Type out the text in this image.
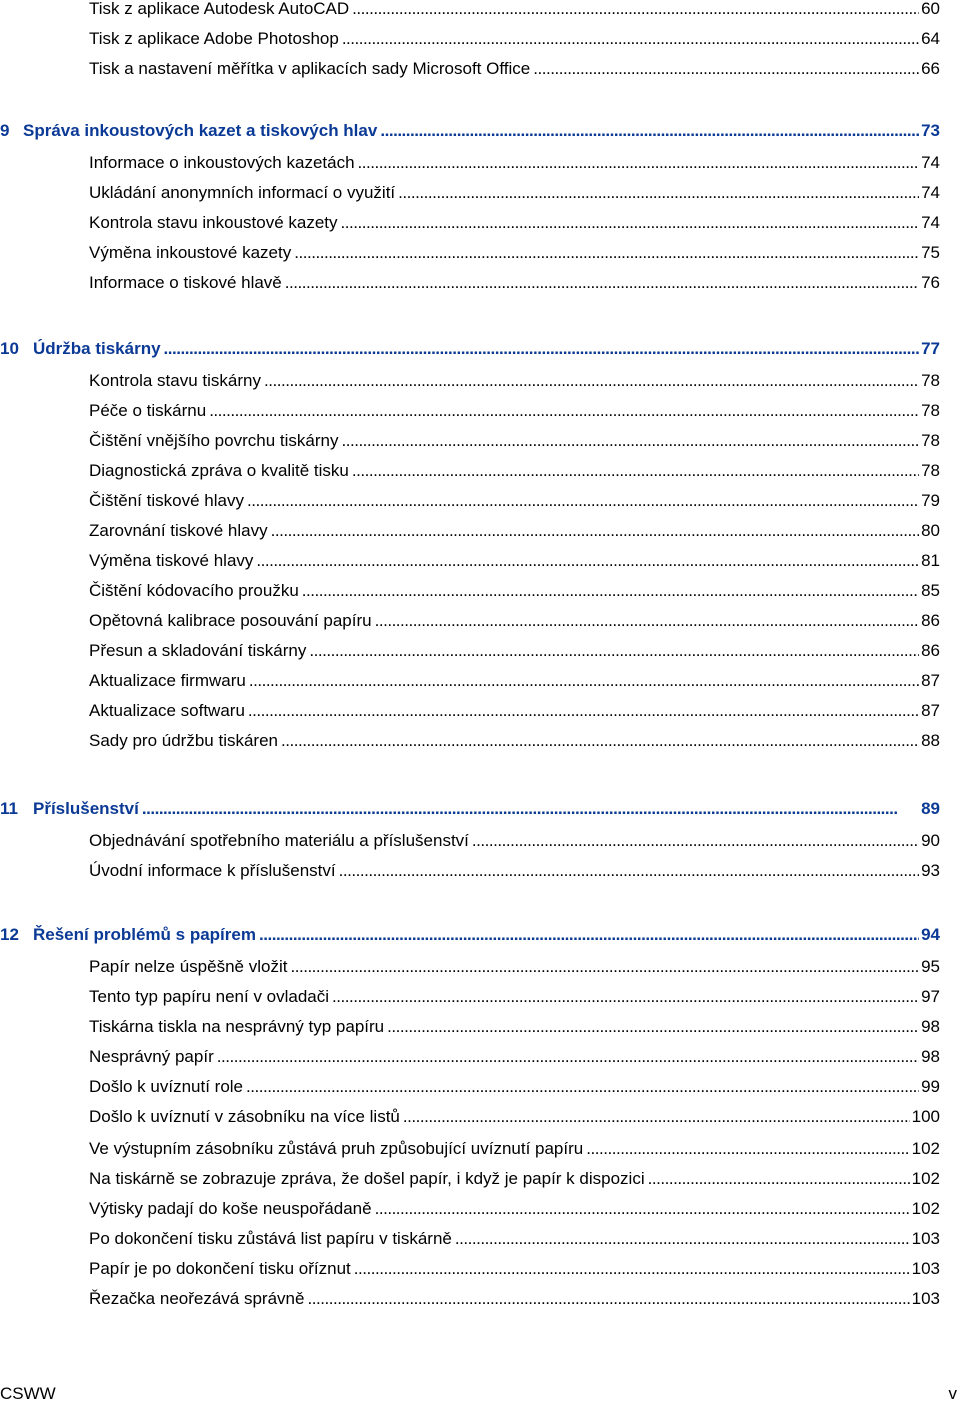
Tisk z aplikace Autodesk AutoCAD . . .	60
Tisk z aplikace Adobe Photoshop . . .	64
Tisk a nastavení měřítka v aplikacích sady Microsoft Office . . .	66
9 Správa inkoustových kazet a tiskových hlav . . .	73
Informace o inkoustových kazetách . . .	74
Ukládání anonymních informací o využití . . .	74
Kontrola stavu inkoustové kazety . . .	74
Výměna inkoustové kazety . . .	75
Informace o tiskové hlavě . . .	76
10 Údržba tiskárny . . .	77
Kontrola stavu tiskárny . . .	78
Péče o tiskárnu . . .	78
Čištění vnějšího povrchu tiskárny . . .	78
Diagnostická zpráva o kvalitě tisku . . .	78
Čištění tiskové hlavy . . .	79
Zarovnání tiskové hlavy . . .	80
Výměna tiskové hlavy . . .	81
Čištění kódovacího proužku . . .	85
Opětovná kalibrace posouvání papíru . . .	86
Přesun a skladování tiskárny . . .	86
Aktualizace firmwaru . . .	87
Aktualizace softwaru . . .	87
Sady pro údržbu tiskáren . . .	88
11 Příslušenství . . .	89
Objednávání spotřebního materiálu a příslušenství . . .	90
Úvodní informace k příslušenství . . .	93
12 Řešení problémů s papírem . . .	94
Papír nelze úspěšně vložit . . .	95
Tento typ papíru není v ovladači . . .	97
Tiskárna tiskla na nesprávný typ papíru . . .	98
Nesprávný papír . . .	98
Došlo k uvíznutí role . . .	99
Došlo k uvíznutí v zásobníku na více listů . . .	100
Ve výstupním zásobníku zůstává pruh způsobující uvíznutí papíru . . .	102
Na tiskárně se zobrazuje zpráva, že došel papír, i když je papír k dispozici . . .	102
Výtisky padají do koše neuspořádaně . . .	102
Po dokončení tisku zůstává list papíru v tiskárně . . .	103
Papír je po dokončení tisku oříznut . . .	103
Řezačka neořezává správně . . .	103
CSWW	v
